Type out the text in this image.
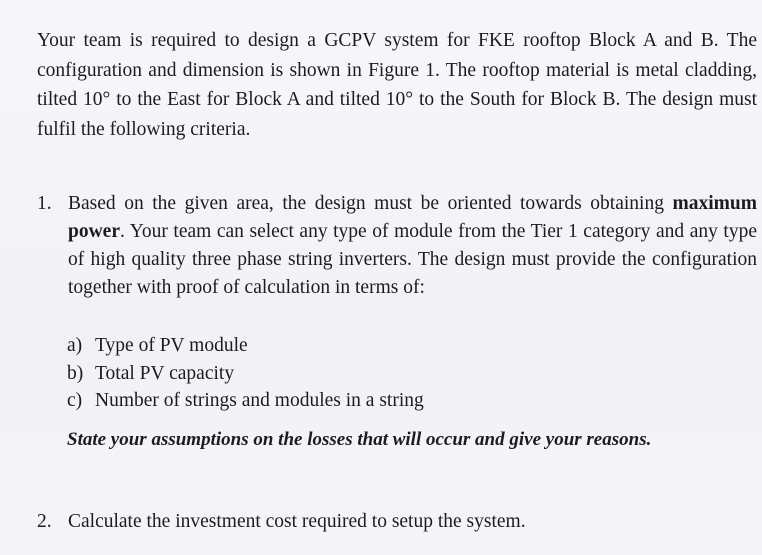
Your team is required to design a GCPV system for FKE rooftop Block A and B. The configuration and dimension is shown in Figure 1. The rooftop material is metal cladding, tilted 10° to the East for Block A and tilted 10° to the South for Block B. The design must fulfil the following criteria.

1. Based on the given area, the design must be oriented towards obtaining maximum power. Your team can select any type of module from the Tier 1 category and any type of high quality three phase string inverters. The design must provide the configuration together with proof of calculation in terms of:
a) Type of PV module
b) Total PV capacity
c) Number of strings and modules in a string
State your assumptions on the losses that will occur and give your reasons.
2. Calculate the investment cost required to setup the system.
